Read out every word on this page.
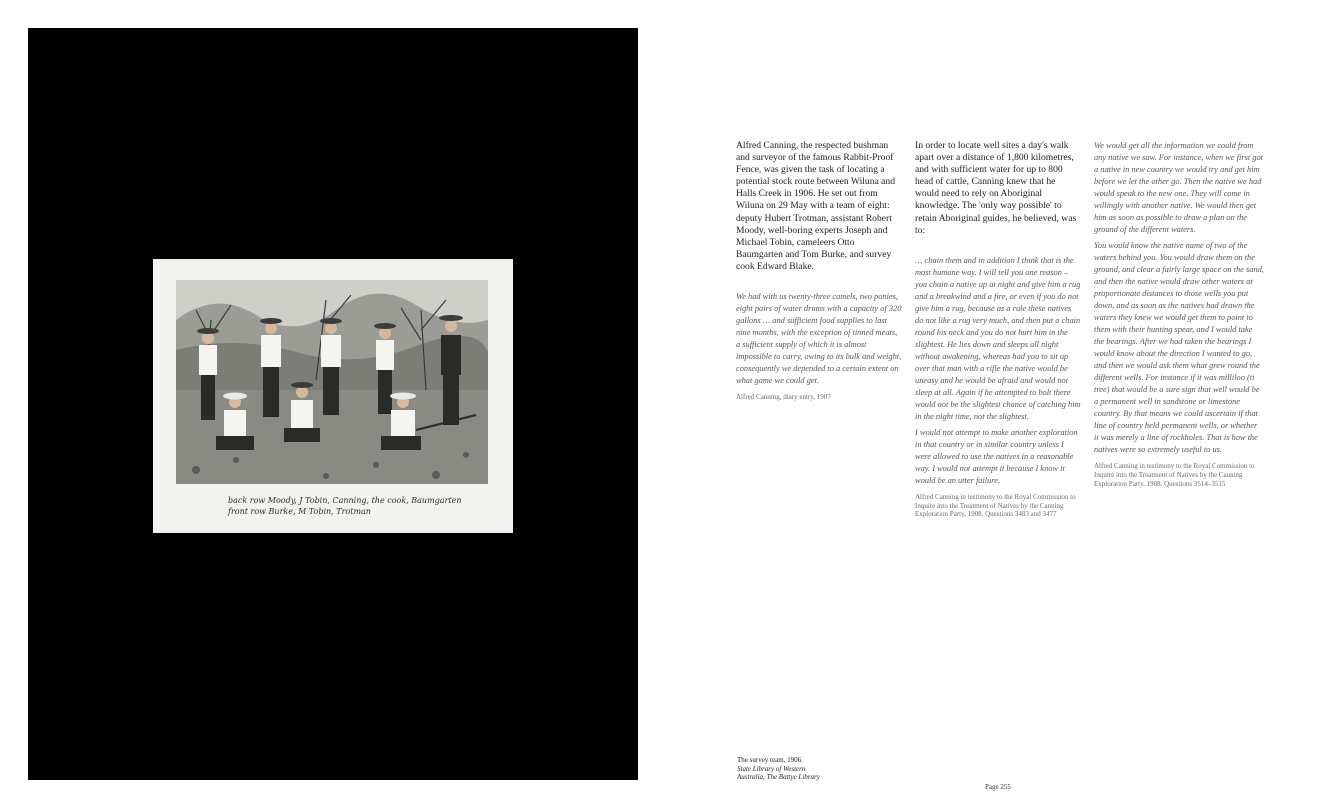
back row Moody, J Tobin, Canning, the cook, Baumgarten
front row Burke, M Tobin, Trotman

Alfred Canning, the respected bushman and surveyor of the famous Rabbit-Proof Fence, was given the task of locating a potential stock route between Wiluna and Halls Creek in 1906. He set out from Wiluna on 29 May with a team of eight: deputy Hubert Trotman, assistant Robert Moody, well-boring experts Joseph and Michael Tobin, cameleers Otto Baumgarten and Tom Burke, and survey cook Edward Blake.

We had with us twenty-three camels, two ponies, eight pairs of water drums with a capacity of 320 gallons … and sufficient food supplies to last nine months, with the exception of tinned meats, a sufficient supply of which it is almost impossible to carry, owing to its bulk and weight, consequently we depended to a certain extent on what game we could get.

Alfred Canning, diary entry, 1907

In order to locate well sites a day's walk apart over a distance of 1,800 kilometres, and with sufficient water for up to 800 head of cattle, Canning knew that he would need to rely on Aboriginal knowledge. The 'only way possible' to retain Aboriginal guides, he believed, was to:

… chain them and in addition I think that is the most humane way. I will tell you one reason – you chain a native up at night and give him a rug and a breakwind and a fire, or even if you do not give him a rug, because as a rule these natives do not like a rug very much, and then put a chain round his neck and you do not hurt him in the slightest. He lies down and sleeps all night without awakening, whereas had you to sit up over that man with a rifle the native would be uneasy and he would be afraid and would not sleep at all. Again if he attempted to bolt there would not be the slightest chance of catching him in the night time, not the slightest.

I would not attempt to make another exploration in that country or in similar country unless I were allowed to use the natives in a reasonable way. I would not attempt it because I know it would be an utter failure.

Alfred Canning in testimony to the Royal Commission to Inquire into the Treatment of Natives by the Canning Exploration Party, 1908. Questions 3483 and 3477

We would get all the information we could from any native we saw. For instance, when we first got a native in new country we would try and get him before we let the other go. Then the native we had would speak to the new one. They will come in willingly with another native. We would then get him as soon as possible to draw a plan on the ground of the different waters.

You would know the native name of two of the waters behind you. You would draw them on the ground, and clear a fairly large space on the sand, and then the native would draw other waters at proportionate distances to those wells you put down, and as soon as the natives had drawn the waters they knew we would get them to point to them with their hunting spear, and I would take the bearings. After we had taken the bearings I would know about the direction I wanted to go, and then we would ask them what grew round the different wells. For instance if it was milliloo (ti tree) that would be a sure sign that well would be a permanent well in sandstone or limestone country. By that means we could ascertain if that line of country held permanent wells, or whether it was merely a line of rockholes. That is how the natives were so extremely useful to us.

Alfred Canning in testimony to the Royal Commission to Inquire into the Treatment of Natives by the Canning Exploration Party, 1908. Questions 3514–3515

The survey team, 1906.
State Library of Western
Australia, The Battye Library
Page 255
